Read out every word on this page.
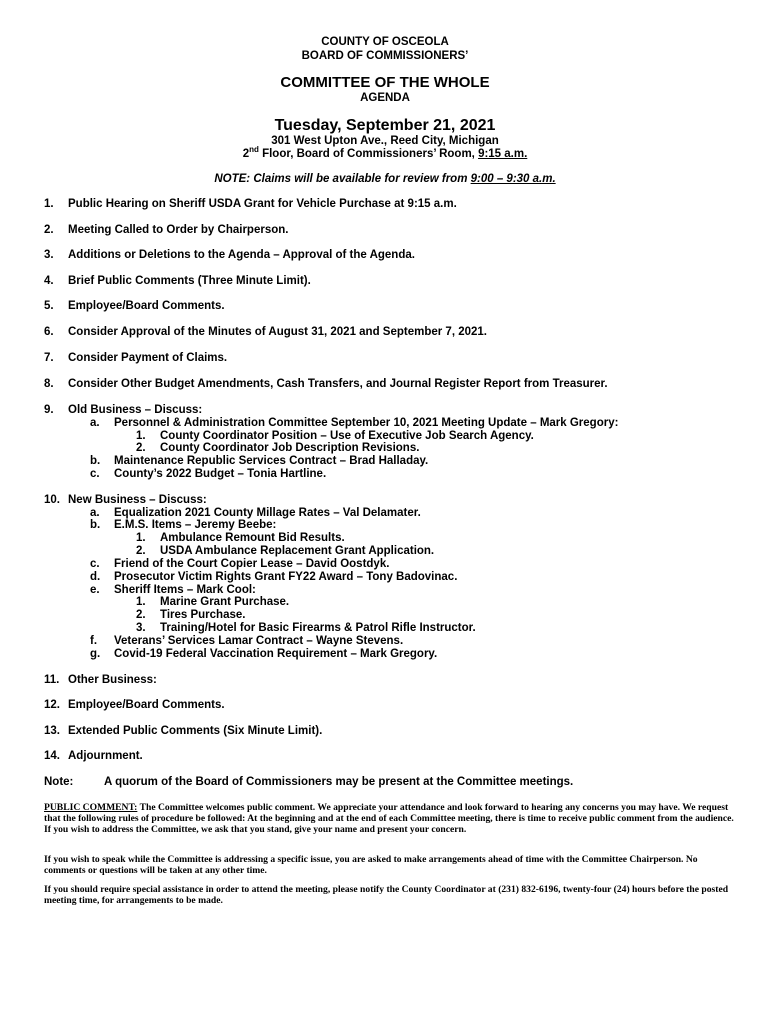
COUNTY OF OSCEOLA
BOARD OF COMMISSIONERS’
COMMITTEE OF THE WHOLE
AGENDA
Tuesday, September 21, 2021
301 West Upton Ave., Reed City, Michigan
2nd Floor, Board of Commissioners’ Room, 9:15 a.m.
NOTE: Claims will be available for review from 9:00 – 9:30 a.m.
1. Public Hearing on Sheriff USDA Grant for Vehicle Purchase at 9:15 a.m.
2. Meeting Called to Order by Chairperson.
3. Additions or Deletions to the Agenda – Approval of the Agenda.
4. Brief Public Comments (Three Minute Limit).
5. Employee/Board Comments.
6. Consider Approval of the Minutes of August 31, 2021 and September 7, 2021.
7. Consider Payment of Claims.
8. Consider Other Budget Amendments, Cash Transfers, and Journal Register Report from Treasurer.
9. Old Business – Discuss:
a. Personnel & Administration Committee September 10, 2021 Meeting Update – Mark Gregory:
1. County Coordinator Position – Use of Executive Job Search Agency.
2. County Coordinator Job Description Revisions.
b. Maintenance Republic Services Contract – Brad Halladay.
c. County’s 2022 Budget – Tonia Hartline.
10. New Business – Discuss:
a. Equalization 2021 County Millage Rates – Val Delamater.
b. E.M.S. Items – Jeremy Beebe:
1. Ambulance Remount Bid Results.
2. USDA Ambulance Replacement Grant Application.
c. Friend of the Court Copier Lease – David Oostdyk.
d. Prosecutor Victim Rights Grant FY22 Award – Tony Badovinac.
e. Sheriff Items – Mark Cool:
1. Marine Grant Purchase.
2. Tires Purchase.
3. Training/Hotel for Basic Firearms & Patrol Rifle Instructor.
f. Veterans’ Services Lamar Contract – Wayne Stevens.
g. Covid-19 Federal Vaccination Requirement – Mark Gregory.
11. Other Business:
12. Employee/Board Comments.
13. Extended Public Comments (Six Minute Limit).
14. Adjournment.
Note:	A quorum of the Board of Commissioners may be present at the Committee meetings.
PUBLIC COMMENT: The Committee welcomes public comment. We appreciate your attendance and look forward to hearing any concerns you may have. We request that the following rules of procedure be followed: At the beginning and at the end of each Committee meeting, there is time to receive public comment from the audience. If you wish to address the Committee, we ask that you stand, give your name and present your concern.
If you wish to speak while the Committee is addressing a specific issue, you are asked to make arrangements ahead of time with the Committee Chairperson. No comments or questions will be taken at any other time.
If you should require special assistance in order to attend the meeting, please notify the County Coordinator at (231) 832-6196, twenty-four (24) hours before the posted meeting time, for arrangements to be made.
